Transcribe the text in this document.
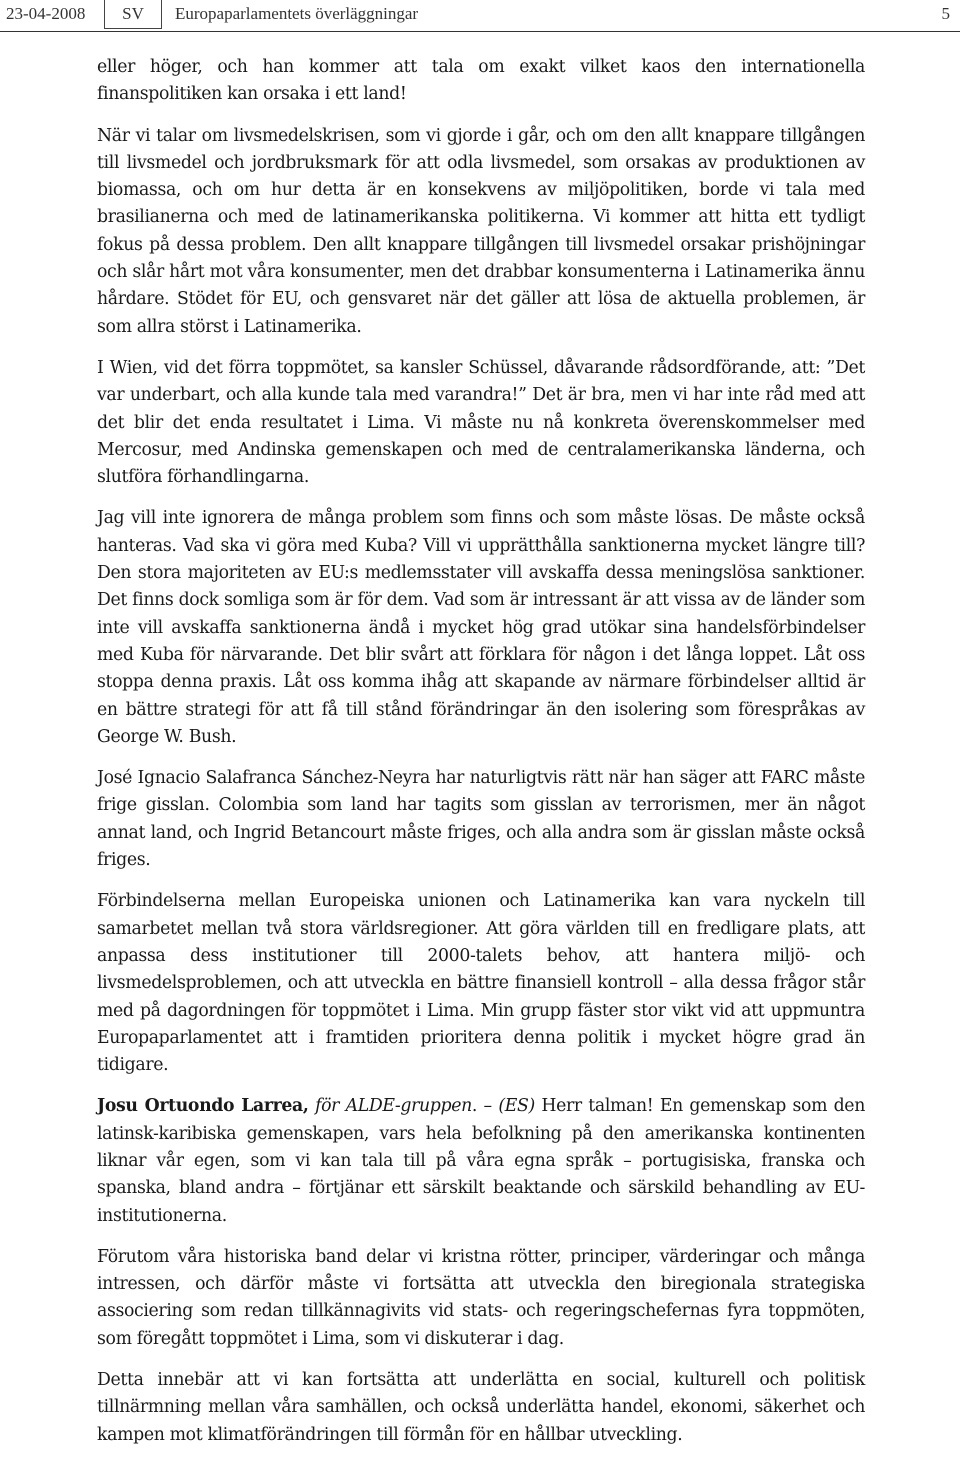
23-04-2008	SV	Europaparlamentets överläggningar	5

eller höger, och han kommer att tala om exakt vilket kaos den internationella finanspolitiken kan orsaka i ett land!

När vi talar om livsmedelskrisen, som vi gjorde i går, och om den allt knappare tillgången till livsmedel och jordbruksmark för att odla livsmedel, som orsakas av produktionen av biomassa, och om hur detta är en konsekvens av miljöpolitiken, borde vi tala med brasilianerna och med de latinamerikanska politikerna. Vi kommer att hitta ett tydligt fokus på dessa problem. Den allt knappare tillgången till livsmedel orsakar prishöjningar och slår hårt mot våra konsumenter, men det drabbar konsumenterna i Latinamerika ännu hårdare. Stödet för EU, och gensvaret när det gäller att lösa de aktuella problemen, är som allra störst i Latinamerika.

I Wien, vid det förra toppmötet, sa kansler Schüssel, dåvarande rådsordförande, att: ”Det var underbart, och alla kunde tala med varandra!” Det är bra, men vi har inte råd med att det blir det enda resultatet i Lima. Vi måste nu nå konkreta överenskommelser med Mercosur, med Andinska gemenskapen och med de centralamerikanska länderna, och slutföra förhandlingarna.

Jag vill inte ignorera de många problem som finns och som måste lösas. De måste också hanteras. Vad ska vi göra med Kuba? Vill vi upprätthålla sanktionerna mycket längre till? Den stora majoriteten av EU:s medlemsstater vill avskaffa dessa meningslösa sanktioner. Det finns dock somliga som är för dem. Vad som är intressant är att vissa av de länder som inte vill avskaffa sanktionerna ändå i mycket hög grad utökar sina handelsförbindelser med Kuba för närvarande. Det blir svårt att förklara för någon i det långa loppet. Låt oss stoppa denna praxis. Låt oss komma ihåg att skapande av närmare förbindelser alltid är en bättre strategi för att få till stånd förändringar än den isolering som förespråkas av George W. Bush.

José Ignacio Salafranca Sánchez-Neyra har naturligtvis rätt när han säger att FARC måste frige gisslan. Colombia som land har tagits som gisslan av terrorismen, mer än något annat land, och Ingrid Betancourt måste friges, och alla andra som är gisslan måste också friges.

Förbindelserna mellan Europeiska unionen och Latinamerika kan vara nyckeln till samarbetet mellan två stora världsregioner. Att göra världen till en fredligare plats, att anpassa dess institutioner till 2000-talets behov, att hantera miljö- och livsmedelsproblemen, och att utveckla en bättre finansiell kontroll – alla dessa frågor står med på dagordningen för toppmötet i Lima. Min grupp fäster stor vikt vid att uppmuntra Europaparlamentet att i framtiden prioritera denna politik i mycket högre grad än tidigare.

Josu Ortuondo Larrea, för ALDE-gruppen. – (ES) Herr talman! En gemenskap som den latinsk-karibiska gemenskapen, vars hela befolkning på den amerikanska kontinenten liknar vår egen, som vi kan tala till på våra egna språk – portugisiska, franska och spanska, bland andra – förtjänar ett särskilt beaktande och särskild behandling av EU-institutionerna.

Förutom våra historiska band delar vi kristna rötter, principer, värderingar och många intressen, och därför måste vi fortsätta att utveckla den biregionala strategiska associering som redan tillkännagivits vid stats- och regeringschefernas fyra toppmöten, som föregått toppmötet i Lima, som vi diskuterar i dag.

Detta innebär att vi kan fortsätta att underlätta en social, kulturell och politisk tillnärmning mellan våra samhällen, och också underlätta handel, ekonomi, säkerhet och kampen mot klimatförändringen till förmån för en hållbar utveckling.
